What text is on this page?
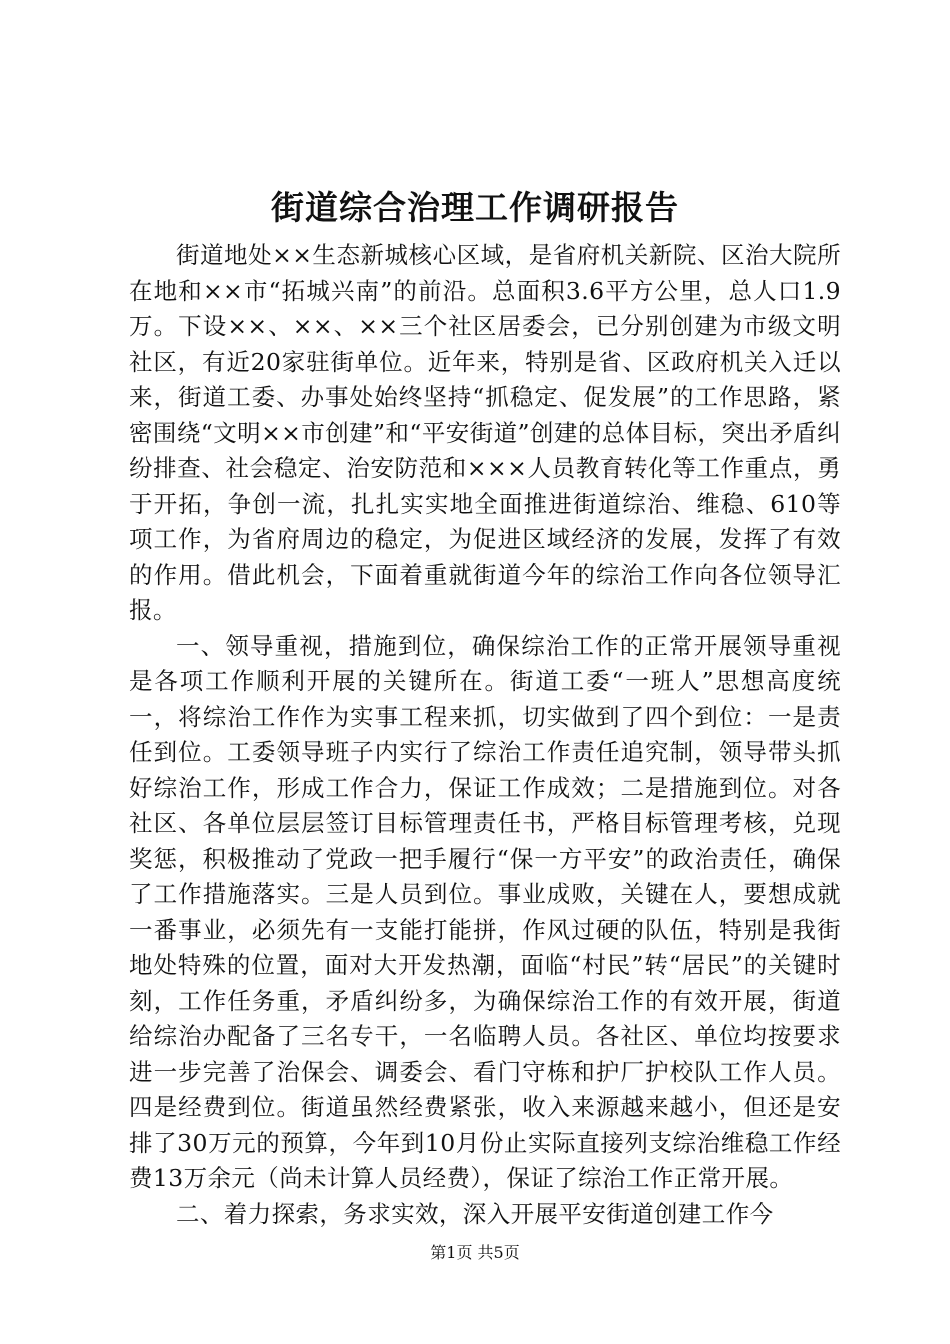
街道综合治理工作调研报告

街道地处××生态新城核心区域，是省府机关新院、区治大院所在地和××市“拓城兴南”的前沿。总面积3.6平方公里，总人口1.9万。下设××、××、××三个社区居委会，已分别创建为市级文明社区，有近20家驻街单位。近年来，特别是省、区政府机关入迁以来，街道工委、办事处始终坚持“抓稳定、促发展”的工作思路，紧密围绕“文明××市创建”和“平安街道”创建的总体目标，突出矛盾纠纷排查、社会稳定、治安防范和×××人员教育转化等工作重点，勇于开拓，争创一流，扎扎实实地全面推进街道综治、维稳、610等项工作，为省府周边的稳定，为促进区域经济的发展，发挥了有效的作用。借此机会，下面着重就街道今年的综治工作向各位领导汇报。

一、领导重视，措施到位，确保综治工作的正常开展领导重视是各项工作顺利开展的关键所在。街道工委“一班人”思想高度统一，将综治工作作为实事工程来抓，切实做到了四个到位：一是责任到位。工委领导班子内实行了综治工作责任追究制，领导带头抓好综治工作，形成工作合力，保证工作成效；二是措施到位。对各社区、各单位层层签订目标管理责任书，严格目标管理考核，兑现奖惩，积极推动了党政一把手履行“保一方平安”的政治责任，确保了工作措施落实。三是人员到位。事业成败，关键在人，要想成就一番事业，必须先有一支能打能拼，作风过硬的队伍，特别是我街地处特殊的位置，面对大开发热潮，面临“村民”转“居民”的关键时刻，工作任务重，矛盾纠纷多，为确保综治工作的有效开展，街道给综治办配备了三名专干，一名临聘人员。各社区、单位均按要求进一步完善了治保会、调委会、看门守栋和护厂护校队工作人员。四是经费到位。街道虽然经费紧张，收入来源越来越小，但还是安排了30万元的预算，今年到10月份止实际直接列支综治维稳工作经费13万余元（尚未计算人员经费），保证了综治工作正常开展。

二、着力探索，务求实效，深入开展平安街道创建工作今

第1页 共5页
